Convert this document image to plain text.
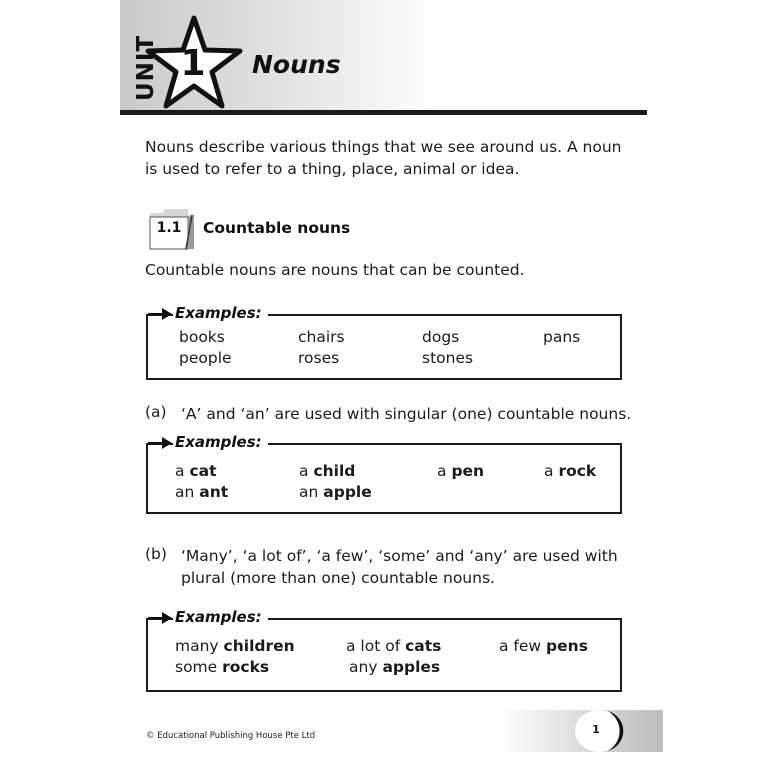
UNIT 1	Nouns
Nouns describe various things that we see around us. A noun is used to refer to a thing, place, animal or idea.
1.1 Countable nouns
Countable nouns are nouns that can be counted.
Examples:
books	chairs	dogs	pans
people	roses	stones
(a) ‘A’ and ‘an’ are used with singular (one) countable nouns.
Examples:
a cat	a child	a pen	a rock
an ant	an apple
(b) ‘Many’, ‘a lot of’, ‘a few’, ‘some’ and ‘any’ are used with plural (more than one) countable nouns.
Examples:
many children	a lot of cats	a few pens
some rocks	any apples
© Educational Publishing House Pte Ltd	1
